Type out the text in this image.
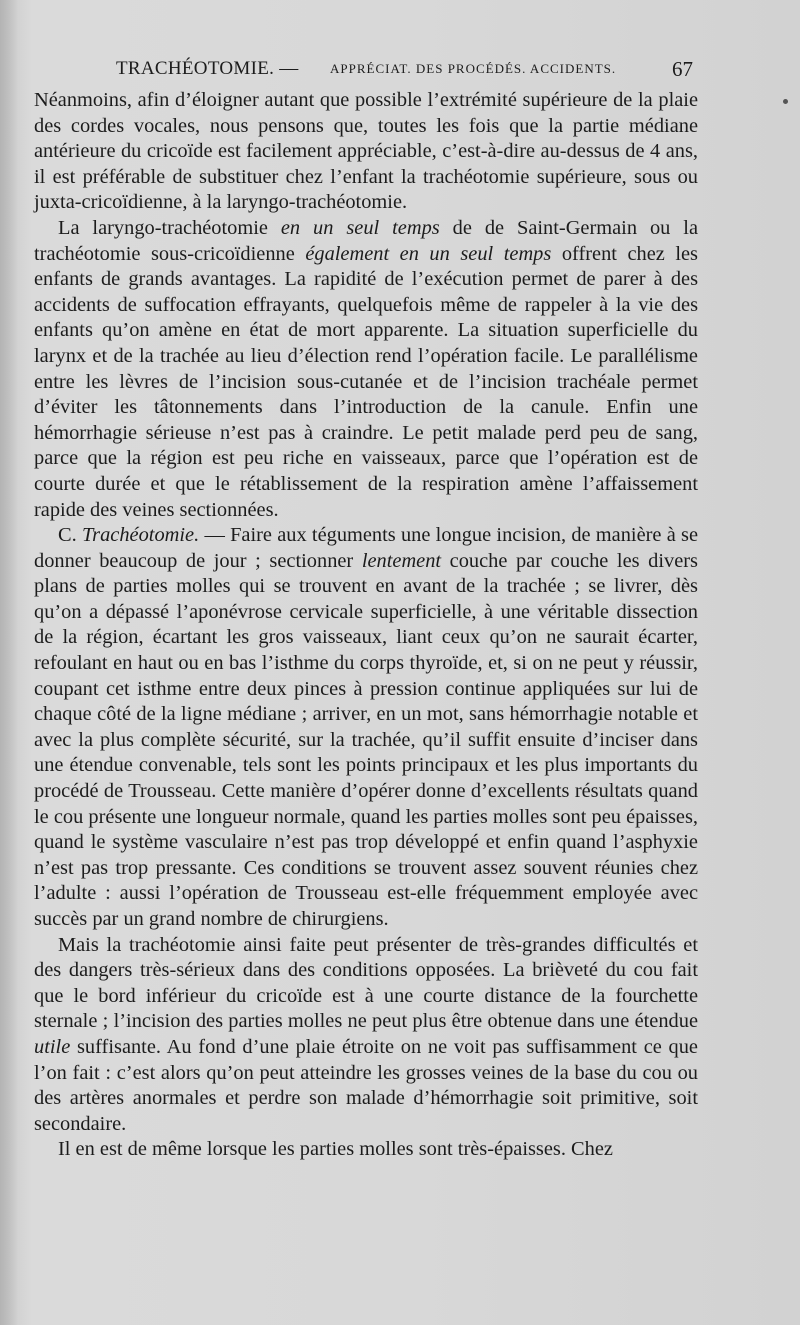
TRACHÉOTOMIE. — APPRÉCIAT. DES PROCÉDÉS. ACCIDENTS.	67

Néanmoins, afin d’éloigner autant que possible l’extrémité supérieure de la plaie des cordes vocales, nous pensons que, toutes les fois que la partie médiane antérieure du cricoïde est facilement appréciable, c’est-à-dire au-dessus de 4 ans, il est préférable de substituer chez l’enfant la trachéotomie supérieure, sous ou juxta-cricoïdienne, à la laryngo-trachéotomie.

La laryngo-trachéotomie en un seul temps de de Saint-Germain ou la trachéotomie sous-cricoïdienne également en un seul temps offrent chez les enfants de grands avantages. La rapidité de l’exécution permet de parer à des accidents de suffocation effrayants, quelquefois même de rappeler à la vie des enfants qu’on amène en état de mort apparente. La situation superficielle du larynx et de la trachée au lieu d’élection rend l’opération facile. Le parallélisme entre les lèvres de l’incision sous-cutanée et de l’incision trachéale permet d’éviter les tâtonnements dans l’introduction de la canule. Enfin une hémorrhagie sérieuse n’est pas à craindre. Le petit malade perd peu de sang, parce que la région est peu riche en vaisseaux, parce que l’opération est de courte durée et que le rétablissement de la respiration amène l’affaissement rapide des veines sectionnées.

C. Trachéotomie. — Faire aux téguments une longue incision, de manière à se donner beaucoup de jour ; sectionner lentement couche par couche les divers plans de parties molles qui se trouvent en avant de la trachée ; se livrer, dès qu’on a dépassé l’aponévrose cervicale superficielle, à une véritable dissection de la région, écartant les gros vaisseaux, liant ceux qu’on ne saurait écarter, refoulant en haut ou en bas l’isthme du corps thyroïde, et, si on ne peut y réussir, coupant cet isthme entre deux pinces à pression continue appliquées sur lui de chaque côté de la ligne médiane ; arriver, en un mot, sans hémorrhagie notable et avec la plus complète sécurité, sur la trachée, qu’il suffit ensuite d’inciser dans une étendue convenable, tels sont les points principaux et les plus importants du procédé de Trousseau. Cette manière d’opérer donne d’excellents résultats quand le cou présente une longueur normale, quand les parties molles sont peu épaisses, quand le système vasculaire n’est pas trop développé et enfin quand l’asphyxie n’est pas trop pressante. Ces conditions se trouvent assez souvent réunies chez l’adulte : aussi l’opération de Trousseau est-elle fréquemment employée avec succès par un grand nombre de chirurgiens.

Mais la trachéotomie ainsi faite peut présenter de très-grandes difficultés et des dangers très-sérieux dans des conditions opposées. La brièveté du cou fait que le bord inférieur du cricoïde est à une courte distance de la fourchette sternale ; l’incision des parties molles ne peut plus être obtenue dans une étendue utile suffisante. Au fond d’une plaie étroite on ne voit pas suffisamment ce que l’on fait : c’est alors qu’on peut atteindre les grosses veines de la base du cou ou des artères anormales et perdre son malade d’hémorrhagie soit primitive, soit secondaire.

Il en est de même lorsque les parties molles sont très-épaisses. Chez
